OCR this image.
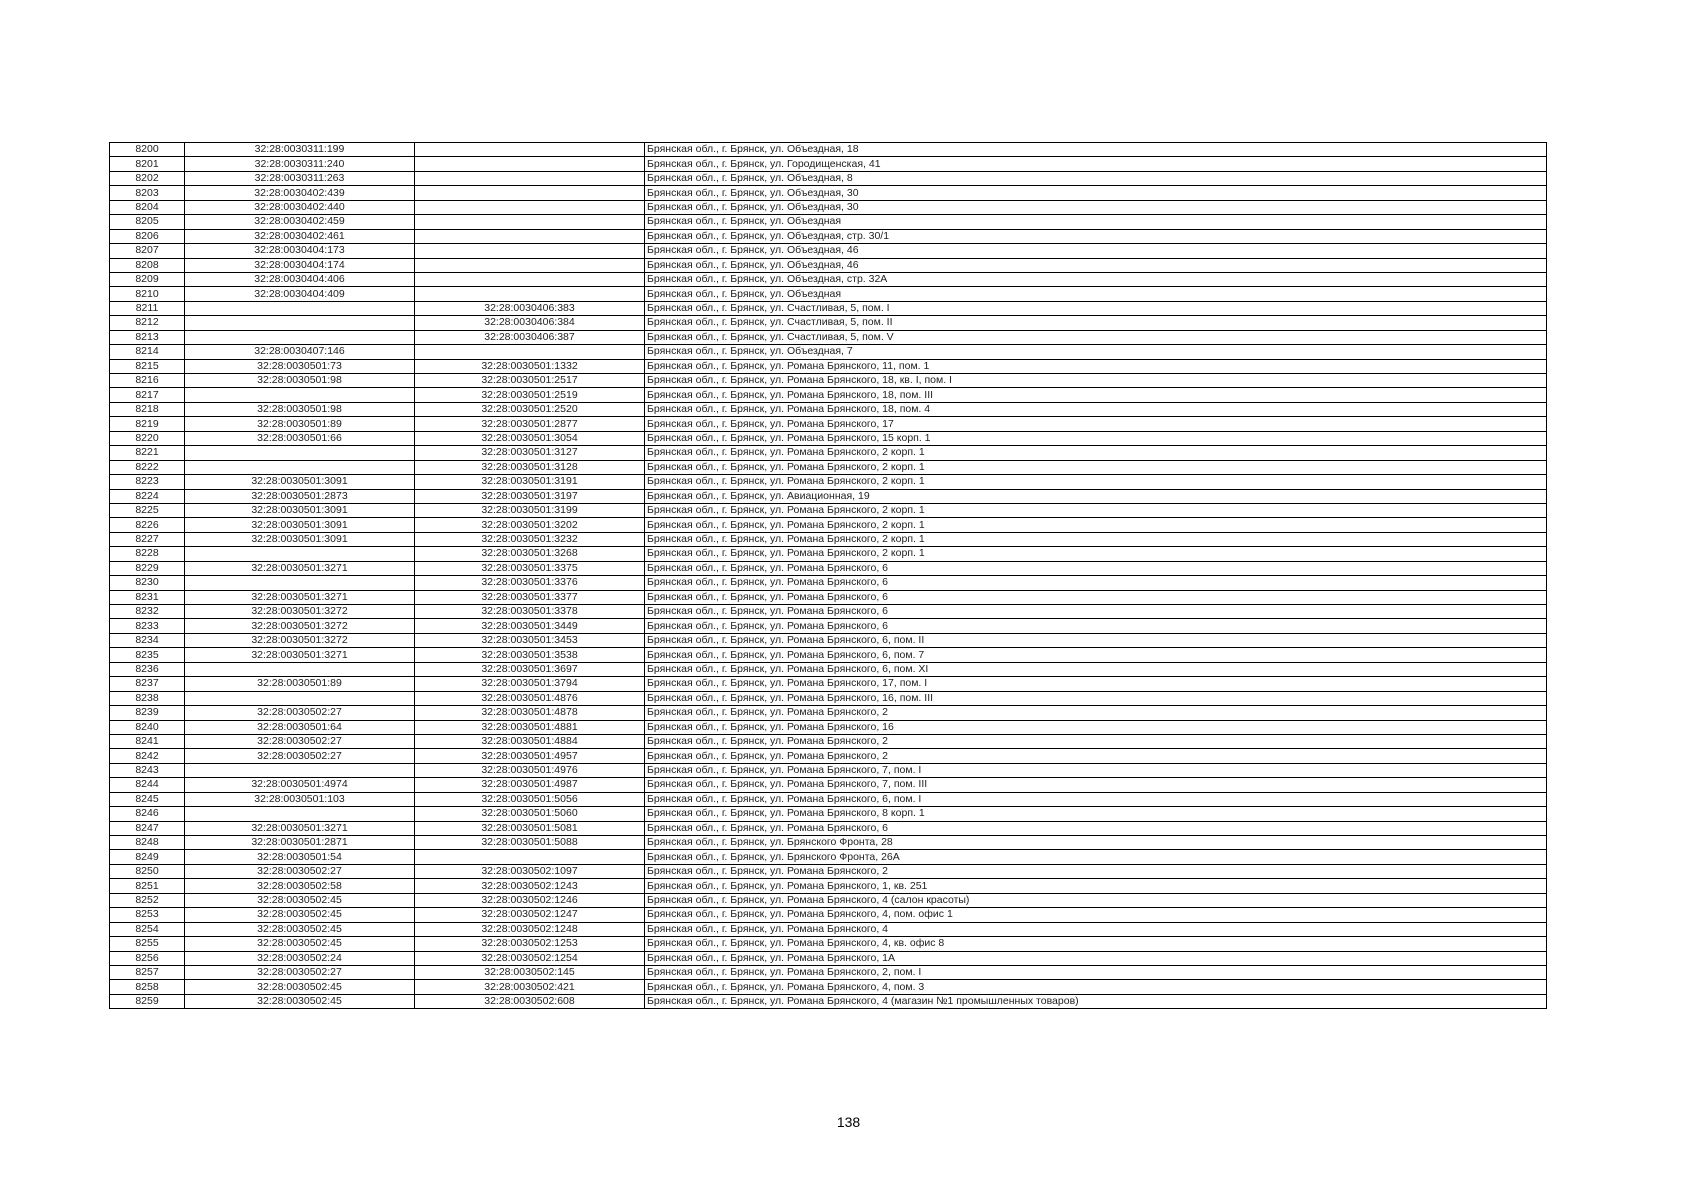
8200	32:28:0030311:199		Брянская обл., г. Брянск, ул. Объездная, 18
8201	32:28:0030311:240		Брянская обл., г. Брянск, ул. Городищенская, 41
8202	32:28:0030311:263		Брянская обл., г. Брянск, ул. Объездная, 8
8203	32:28:0030402:439		Брянская обл., г. Брянск, ул. Объездная, 30
8204	32:28:0030402:440		Брянская обл., г. Брянск, ул. Объездная, 30
8205	32:28:0030402:459		Брянская обл., г. Брянск, ул. Объездная
8206	32:28:0030402:461		Брянская обл., г. Брянск, ул. Объездная, стр. 30/1
8207	32:28:0030404:173		Брянская обл., г. Брянск, ул. Объездная, 46
8208	32:28:0030404:174		Брянская обл., г. Брянск, ул. Объездная, 46
8209	32:28:0030404:406		Брянская обл., г. Брянск, ул. Объездная, стр. 32А
8210	32:28:0030404:409		Брянская обл., г. Брянск, ул. Объездная
8211		32:28:0030406:383	Брянская обл., г. Брянск, ул. Счастливая, 5, пом. I
8212		32:28:0030406:384	Брянская обл., г. Брянск, ул. Счастливая, 5, пом. II
8213		32:28:0030406:387	Брянская обл., г. Брянск, ул. Счастливая, 5, пом. V
8214	32:28:0030407:146		Брянская обл., г. Брянск, ул. Объездная, 7
8215	32:28:0030501:73	32:28:0030501:1332	Брянская обл., г. Брянск, ул. Романа Брянского, 11, пом. 1
8216	32:28:0030501:98	32:28:0030501:2517	Брянская обл., г. Брянск, ул. Романа Брянского, 18, кв. I, пом. I
8217		32:28:0030501:2519	Брянская обл., г. Брянск, ул. Романа Брянского, 18, пом. III
8218	32:28:0030501:98	32:28:0030501:2520	Брянская обл., г. Брянск, ул. Романа Брянского, 18, пом. 4
8219	32:28:0030501:89	32:28:0030501:2877	Брянская обл., г. Брянск, ул. Романа Брянского, 17
8220	32:28:0030501:66	32:28:0030501:3054	Брянская обл., г. Брянск, ул. Романа Брянского, 15 корп. 1
8221		32:28:0030501:3127	Брянская обл., г. Брянск, ул. Романа Брянского, 2 корп. 1
8222		32:28:0030501:3128	Брянская обл., г. Брянск, ул. Романа Брянского, 2 корп. 1
8223	32:28:0030501:3091	32:28:0030501:3191	Брянская обл., г. Брянск, ул. Романа Брянского, 2 корп. 1
8224	32:28:0030501:2873	32:28:0030501:3197	Брянская обл., г. Брянск, ул. Авиационная, 19
8225	32:28:0030501:3091	32:28:0030501:3199	Брянская обл., г. Брянск, ул. Романа Брянского, 2 корп. 1
8226	32:28:0030501:3091	32:28:0030501:3202	Брянская обл., г. Брянск, ул. Романа Брянского, 2 корп. 1
8227	32:28:0030501:3091	32:28:0030501:3232	Брянская обл., г. Брянск, ул. Романа Брянского, 2 корп. 1
8228		32:28:0030501:3268	Брянская обл., г. Брянск, ул. Романа Брянского, 2 корп. 1
8229	32:28:0030501:3271	32:28:0030501:3375	Брянская обл., г. Брянск, ул. Романа Брянского, 6
8230		32:28:0030501:3376	Брянская обл., г. Брянск, ул. Романа Брянского, 6
8231	32:28:0030501:3271	32:28:0030501:3377	Брянская обл., г. Брянск, ул. Романа Брянского, 6
8232	32:28:0030501:3272	32:28:0030501:3378	Брянская обл., г. Брянск, ул. Романа Брянского, 6
8233	32:28:0030501:3272	32:28:0030501:3449	Брянская обл., г. Брянск, ул. Романа Брянского, 6
8234	32:28:0030501:3272	32:28:0030501:3453	Брянская обл., г. Брянск, ул. Романа Брянского, 6, пом. II
8235	32:28:0030501:3271	32:28:0030501:3538	Брянская обл., г. Брянск, ул. Романа Брянского, 6, пом. 7
8236		32:28:0030501:3697	Брянская обл., г. Брянск, ул. Романа Брянского, 6, пом. XI
8237	32:28:0030501:89	32:28:0030501:3794	Брянская обл., г. Брянск, ул. Романа Брянского, 17, пом. I
8238		32:28:0030501:4876	Брянская обл., г. Брянск, ул. Романа Брянского, 16, пом. III
8239	32:28:0030502:27	32:28:0030501:4878	Брянская обл., г. Брянск, ул. Романа Брянского, 2
8240	32:28:0030501:64	32:28:0030501:4881	Брянская обл., г. Брянск, ул. Романа Брянского, 16
8241	32:28:0030502:27	32:28:0030501:4884	Брянская обл., г. Брянск, ул. Романа Брянского, 2
8242	32:28:0030502:27	32:28:0030501:4957	Брянская обл., г. Брянск, ул. Романа Брянского, 2
8243		32:28:0030501:4976	Брянская обл., г. Брянск, ул. Романа Брянского, 7, пом. I
8244	32:28:0030501:4974	32:28:0030501:4987	Брянская обл., г. Брянск, ул. Романа Брянского, 7, пом. III
8245	32:28:0030501:103	32:28:0030501:5056	Брянская обл., г. Брянск, ул. Романа Брянского, 6, пом. I
8246		32:28:0030501:5060	Брянская обл., г. Брянск, ул. Романа Брянского, 8 корп. 1
8247	32:28:0030501:3271	32:28:0030501:5081	Брянская обл., г. Брянск, ул. Романа Брянского, 6
8248	32:28:0030501:2871	32:28:0030501:5088	Брянская обл., г. Брянск, ул. Брянского Фронта, 28
8249	32:28:0030501:54		Брянская обл., г. Брянск, ул. Брянского Фронта, 26А
8250	32:28:0030502:27	32:28:0030502:1097	Брянская обл., г. Брянск, ул. Романа Брянского, 2
8251	32:28:0030502:58	32:28:0030502:1243	Брянская обл., г. Брянск, ул. Романа Брянского, 1, кв. 251
8252	32:28:0030502:45	32:28:0030502:1246	Брянская обл., г. Брянск, ул. Романа Брянского, 4 (салон красоты)
8253	32:28:0030502:45	32:28:0030502:1247	Брянская обл., г. Брянск, ул. Романа Брянского, 4, пом. офис 1
8254	32:28:0030502:45	32:28:0030502:1248	Брянская обл., г. Брянск, ул. Романа Брянского, 4
8255	32:28:0030502:45	32:28:0030502:1253	Брянская обл., г. Брянск, ул. Романа Брянского, 4, кв. офис 8
8256	32:28:0030502:24	32:28:0030502:1254	Брянская обл., г. Брянск, ул. Романа Брянского, 1А
8257	32:28:0030502:27	32:28:0030502:145	Брянская обл., г. Брянск, ул. Романа Брянского, 2, пом. I
8258	32:28:0030502:45	32:28:0030502:421	Брянская обл., г. Брянск, ул. Романа Брянского, 4, пом. 3
8259	32:28:0030502:45	32:28:0030502:608	Брянская обл., г. Брянск, ул. Романа Брянского, 4 (магазин №1 промышленных товаров)
138
